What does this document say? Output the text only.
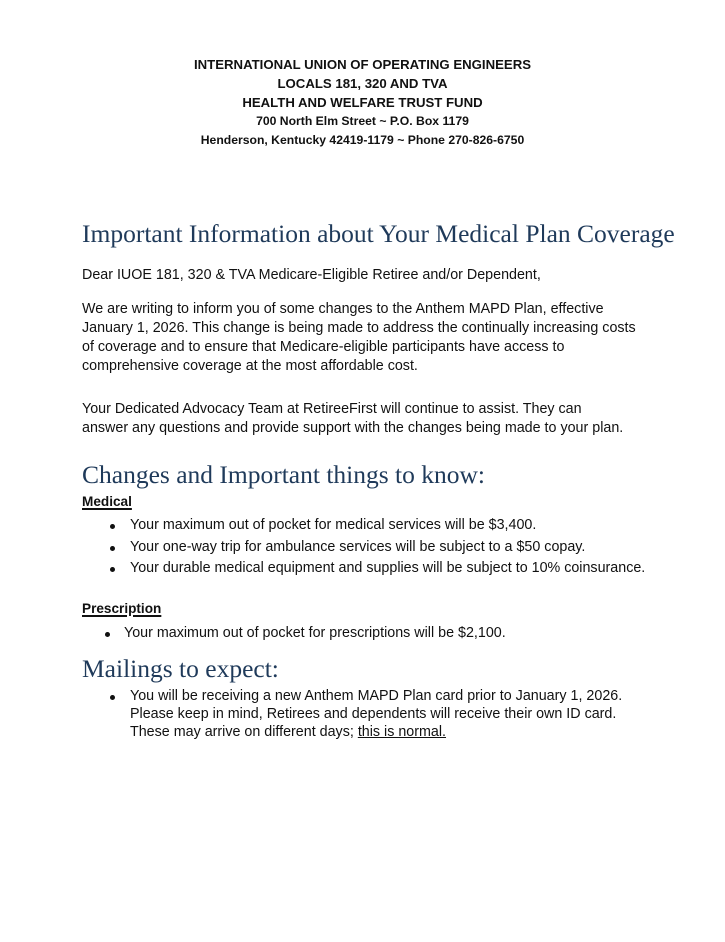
INTERNATIONAL UNION OF OPERATING ENGINEERS
LOCALS 181, 320 AND TVA
HEALTH AND WELFARE TRUST FUND
700 North Elm Street ~ P.O. Box 1179
Henderson, Kentucky 42419-1179 ~ Phone 270-826-6750
Important Information about Your Medical Plan Coverage
Dear IUOE 181, 320 & TVA Medicare-Eligible Retiree and/or Dependent,
We are writing to inform you of some changes to the Anthem MAPD Plan, effective
January 1, 2026. This change is being made to address the continually increasing costs
of coverage and to ensure that Medicare-eligible participants have access to
comprehensive coverage at the most affordable cost.
Your Dedicated Advocacy Team at RetireeFirst will continue to assist. They can
answer any questions and provide support with the changes being made to your plan.
Changes and Important things to know:
Medical
Your maximum out of pocket for medical services will be $3,400.
Your one-way trip for ambulance services will be subject to a $50 copay.
Your durable medical equipment and supplies will be subject to 10% coinsurance.
Prescription
Your maximum out of pocket for prescriptions will be $2,100.
Mailings to expect:
You will be receiving a new Anthem MAPD Plan card prior to January 1, 2026.
Please keep in mind, Retirees and dependents will receive their own ID card.
These may arrive on different days; this is normal.
